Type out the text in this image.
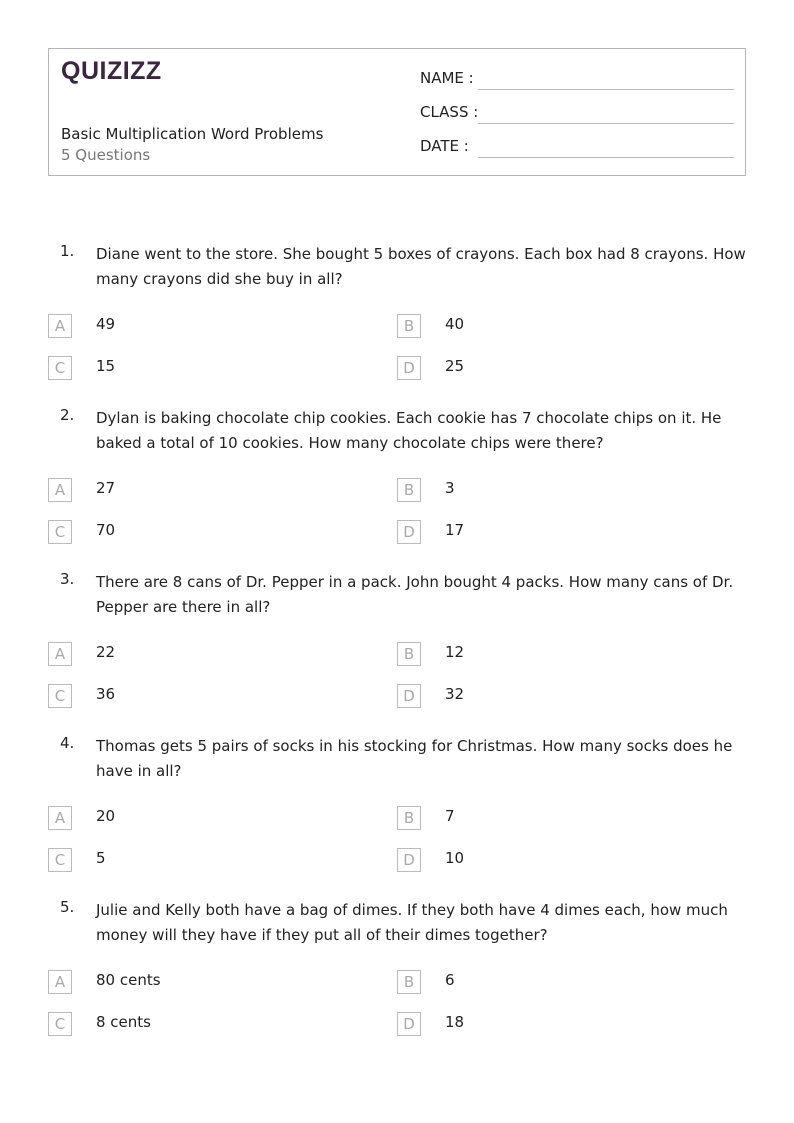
QUIZIZZ
Basic Multiplication Word Problems
5 Questions
NAME :
CLASS :
DATE :
1. Diane went to the store. She bought 5 boxes of crayons. Each box had 8 crayons. How many crayons did she buy in all?
A	49	B	40
C	15	D	25
2. Dylan is baking chocolate chip cookies. Each cookie has 7 chocolate chips on it. He baked a total of 10 cookies. How many chocolate chips were there?
A	27	B	3
C	70	D	17
3. There are 8 cans of Dr. Pepper in a pack. John bought 4 packs. How many cans of Dr. Pepper are there in all?
A	22	B	12
C	36	D	32
4. Thomas gets 5 pairs of socks in his stocking for Christmas. How many socks does he have in all?
A	20	B	7
C	5	D	10
5. Julie and Kelly both have a bag of dimes. If they both have 4 dimes each, how much money will they have if they put all of their dimes together?
A	80 cents	B	6
C	8 cents	D	18
